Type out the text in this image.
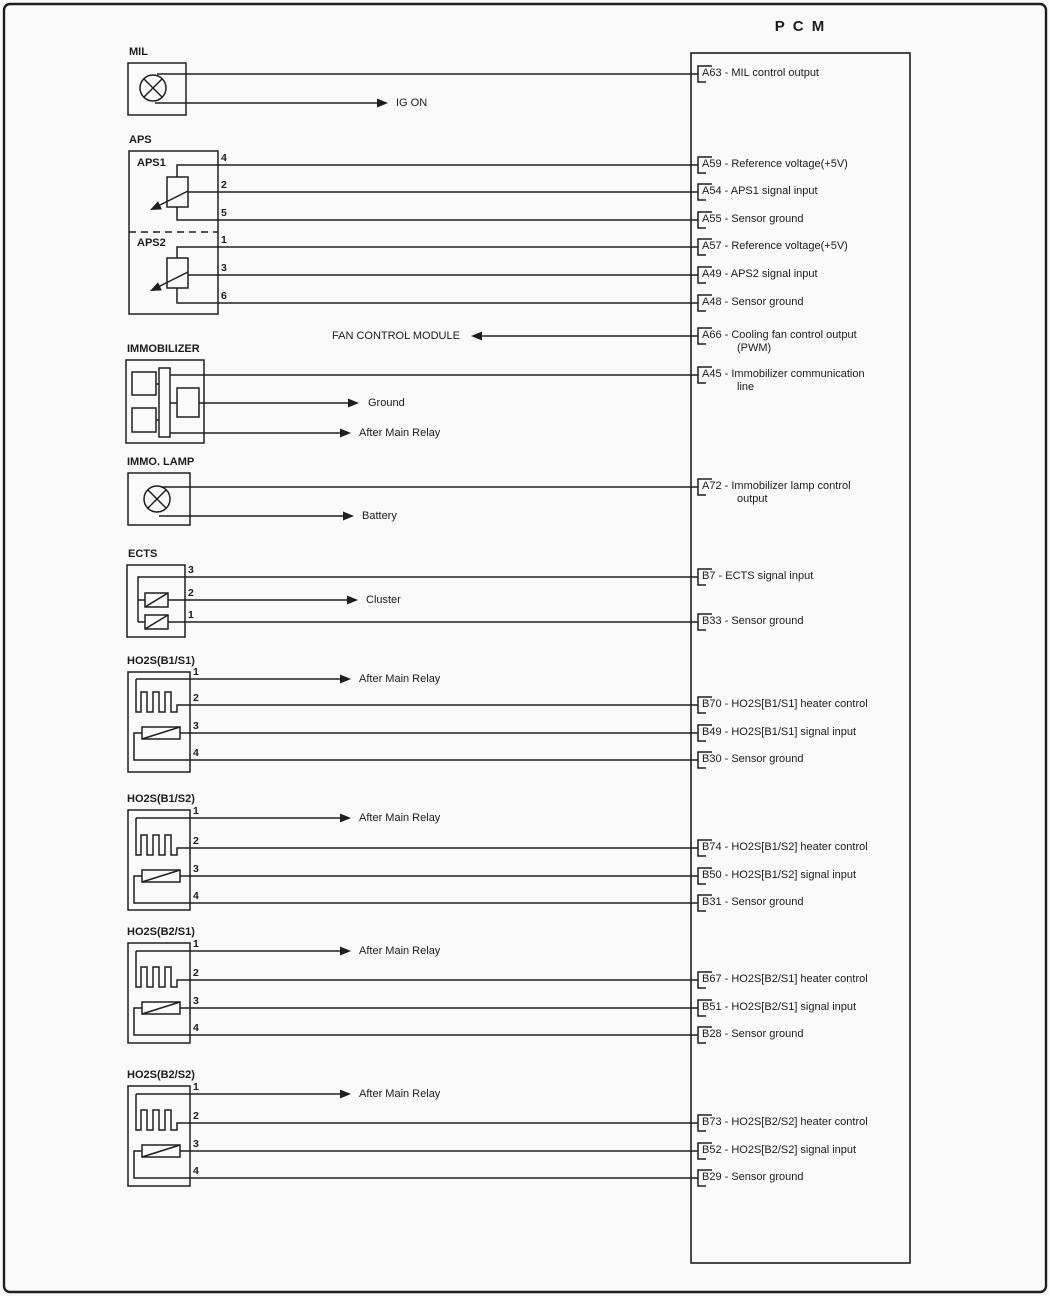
P C M
MIL
APS
APS1
APS2
IMMOBILIZER
IMMO. LAMP
ECTS
HO2S(B1/S1)
HO2S(B1/S2)
HO2S(B2/S1)
HO2S(B2/S2)
IG ON
FAN CONTROL MODULE
Ground
After Main Relay
Battery
Cluster
After Main Relay
After Main Relay
After Main Relay
After Main Relay
4
2
5
1
3
6
3
2
1
1
2
3
4
1
2
3
4
1
2
3
4
1
2
3
4
A63 - MIL control output
A59 - Reference voltage(+5V)
A54 - APS1 signal input
A55 - Sensor ground
A57 - Reference voltage(+5V)
A49 - APS2 signal input
A48 - Sensor ground
A66 - Cooling fan control output
(PWM)
A45 - Immobilizer communication
line
A72 - Immobilizer lamp control
output
B7 - ECTS signal input
B33 - Sensor ground
B70 - HO2S[B1/S1] heater control
B49 - HO2S[B1/S1] signal input
B30 - Sensor ground
B74 - HO2S[B1/S2] heater control
B50 - HO2S[B1/S2] signal input
B31 - Sensor ground
B67 - HO2S[B2/S1] heater control
B51 - HO2S[B2/S1] signal input
B28 - Sensor ground
B73 - HO2S[B2/S2] heater control
B52 - HO2S[B2/S2] signal input
B29 - Sensor ground
